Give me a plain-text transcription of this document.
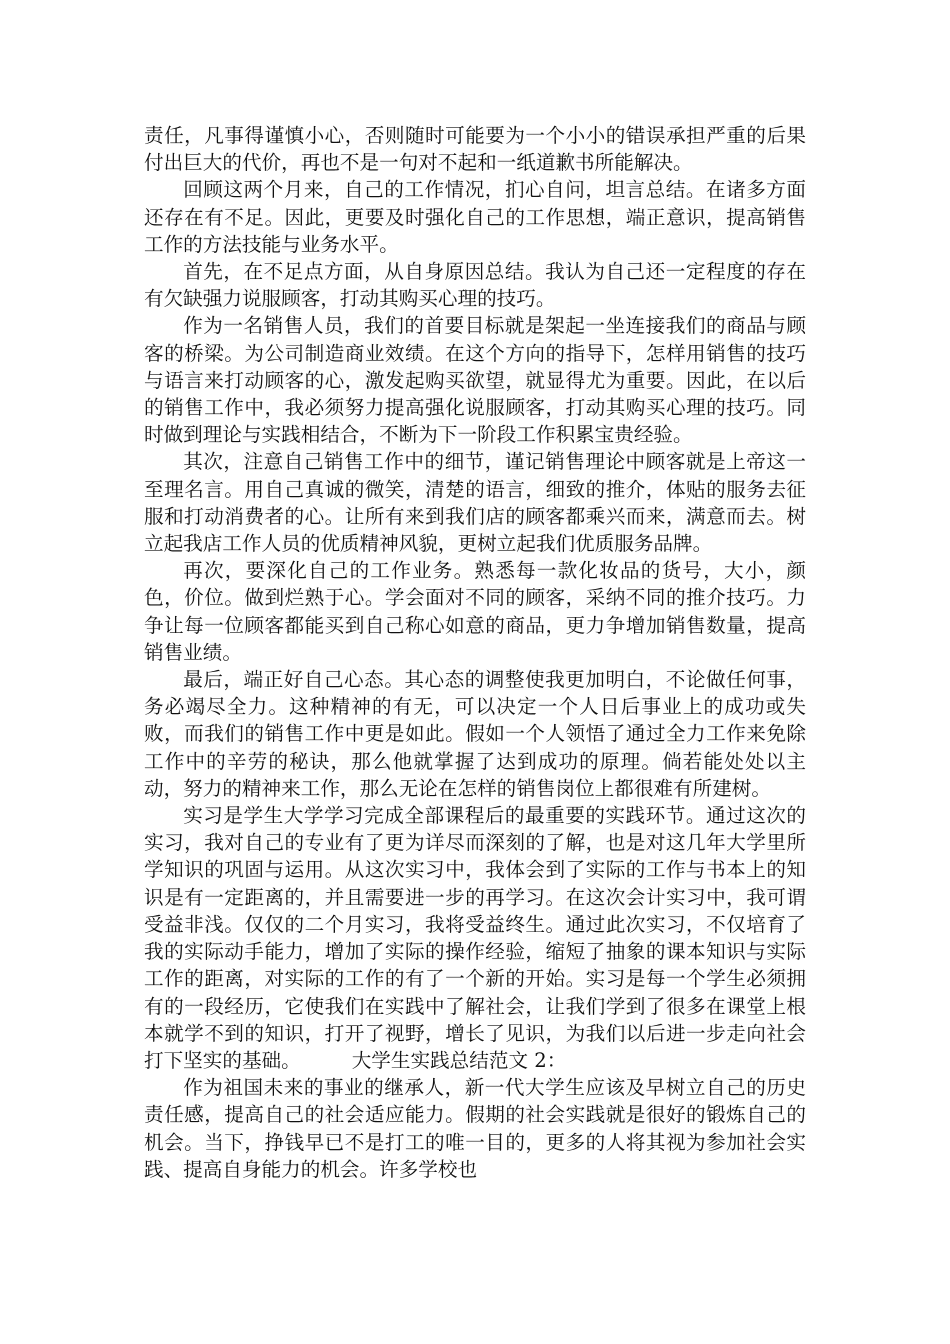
责任，凡事得谨慎小心，否则随时可能要为一个小小的错误承担严重的后果付出巨大的代价，再也不是一句对不起和一纸道歉书所能解决。

回顾这两个月来，自己的工作情况，扪心自问，坦言总结。在诸多方面还存在有不足。因此，更要及时强化自己的工作思想，端正意识，提高销售工作的方法技能与业务水平。

首先，在不足点方面，从自身原因总结。我认为自己还一定程度的存在有欠缺强力说服顾客，打动其购买心理的技巧。

作为一名销售人员，我们的首要目标就是架起一坐连接我们的商品与顾客的桥梁。为公司制造商业效绩。在这个方向的指导下，怎样用销售的技巧与语言来打动顾客的心，激发起购买欲望，就显得尤为重要。因此，在以后的销售工作中，我必须努力提高强化说服顾客，打动其购买心理的技巧。同时做到理论与实践相结合，不断为下一阶段工作积累宝贵经验。

其次，注意自己销售工作中的细节，谨记销售理论中顾客就是上帝这一至理名言。用自己真诚的微笑，清楚的语言，细致的推介，体贴的服务去征服和打动消费者的心。让所有来到我们店的顾客都乘兴而来，满意而去。树立起我店工作人员的优质精神风貌，更树立起我们优质服务品牌。

再次，要深化自己的工作业务。熟悉每一款化妆品的货号，大小，颜色，价位。做到烂熟于心。学会面对不同的顾客，采纳不同的推介技巧。力争让每一位顾客都能买到自己称心如意的商品，更力争增加销售数量，提高销售业绩。

最后，端正好自己心态。其心态的调整使我更加明白，不论做任何事，务必竭尽全力。这种精神的有无，可以决定一个人日后事业上的成功或失败，而我们的销售工作中更是如此。假如一个人领悟了通过全力工作来免除工作中的辛劳的秘诀，那么他就掌握了达到成功的原理。倘若能处处以主动，努力的精神来工作，那么无论在怎样的销售岗位上都很难有所建树。

实习是学生大学学习完成全部课程后的最重要的实践环节。通过这次的实习，我对自己的专业有了更为详尽而深刻的了解，也是对这几年大学里所学知识的巩固与运用。从这次实习中，我体会到了实际的工作与书本上的知识是有一定距离的，并且需要进一步的再学习。在这次会计实习中，我可谓受益非浅。仅仅的二个月实习，我将受益终生。通过此次实习，不仅培育了我的实际动手能力，增加了实际的操作经验，缩短了抽象的课本知识与实际工作的距离，对实际的工作的有了一个新的开始。实习是每一个学生必须拥有的一段经历，它使我们在实践中了解社会，让我们学到了很多在课堂上根本就学不到的知识，打开了视野，增长了见识，为我们以后进一步走向社会打下坚实的基础。	大学生实践总结范文 2：

作为祖国未来的事业的继承人，新一代大学生应该及早树立自己的历史责任感，提高自己的社会适应能力。假期的社会实践就是很好的锻炼自己的机会。当下，挣钱早已不是打工的唯一目的，更多的人将其视为参加社会实践、提高自身能力的机会。许多学校也
